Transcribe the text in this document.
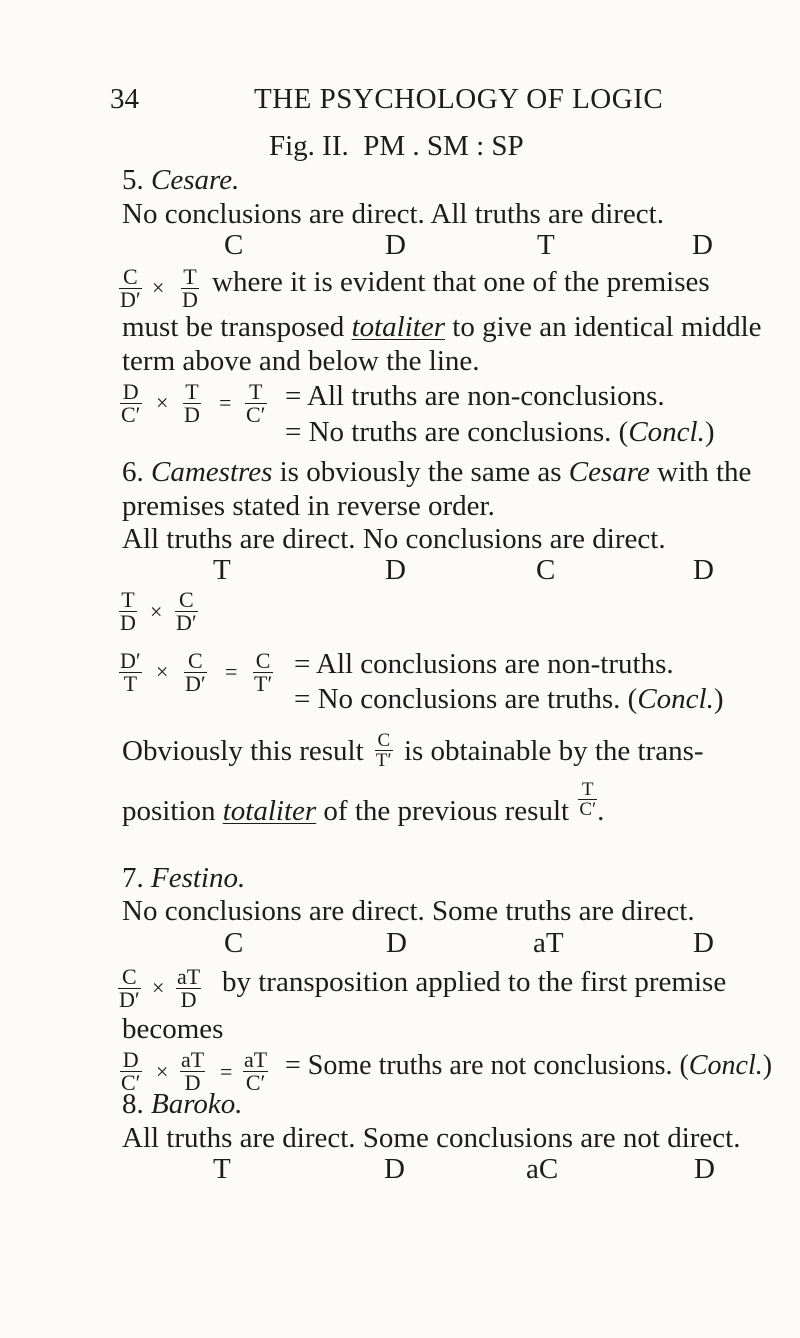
34	THE PSYCHOLOGY OF LOGIC
Fig. II. PM . SM : SP
5. Cesare.
No conclusions are direct. All truths are direct.
C	D	T	D
$\frac{C}{D'} \times \frac{T}{D}$ where it is evident that one of the premises
must be transposed totaliter to give an identical middle
term above and below the line.
$\frac{D}{C'} \times \frac{T}{D} = \frac{T}{C'}$ = All truths are non-conclusions.
= No truths are conclusions. (Concl.)
6. Camestres is obviously the same as Cesare with the
premises stated in reverse order.
All truths are direct. No conclusions are direct.
T	D	C	D
$\frac{T}{D} \times \frac{C}{D'}$
$\frac{D'}{T} \times \frac{C}{D'} = \frac{C}{T'}$ = All conclusions are non-truths.
= No conclusions are truths. (Concl.)
Obviously this result $\frac{C}{T'}$ is obtainable by the trans-
position totaliter of the previous result $\frac{T}{C'}$ .
7. Festino.
No conclusions are direct. Some truths are direct.
C	D	aT	D
$\frac{C}{D'} \times \frac{aT}{D}$ by transposition applied to the first premise
becomes
$\frac{D}{C'} \times \frac{aT}{D} = \frac{aT}{C'}$ = Some truths are not conclusions. (Concl.)
8. Baroko.
All truths are direct. Some conclusions are not direct.
T	D	aC	D
